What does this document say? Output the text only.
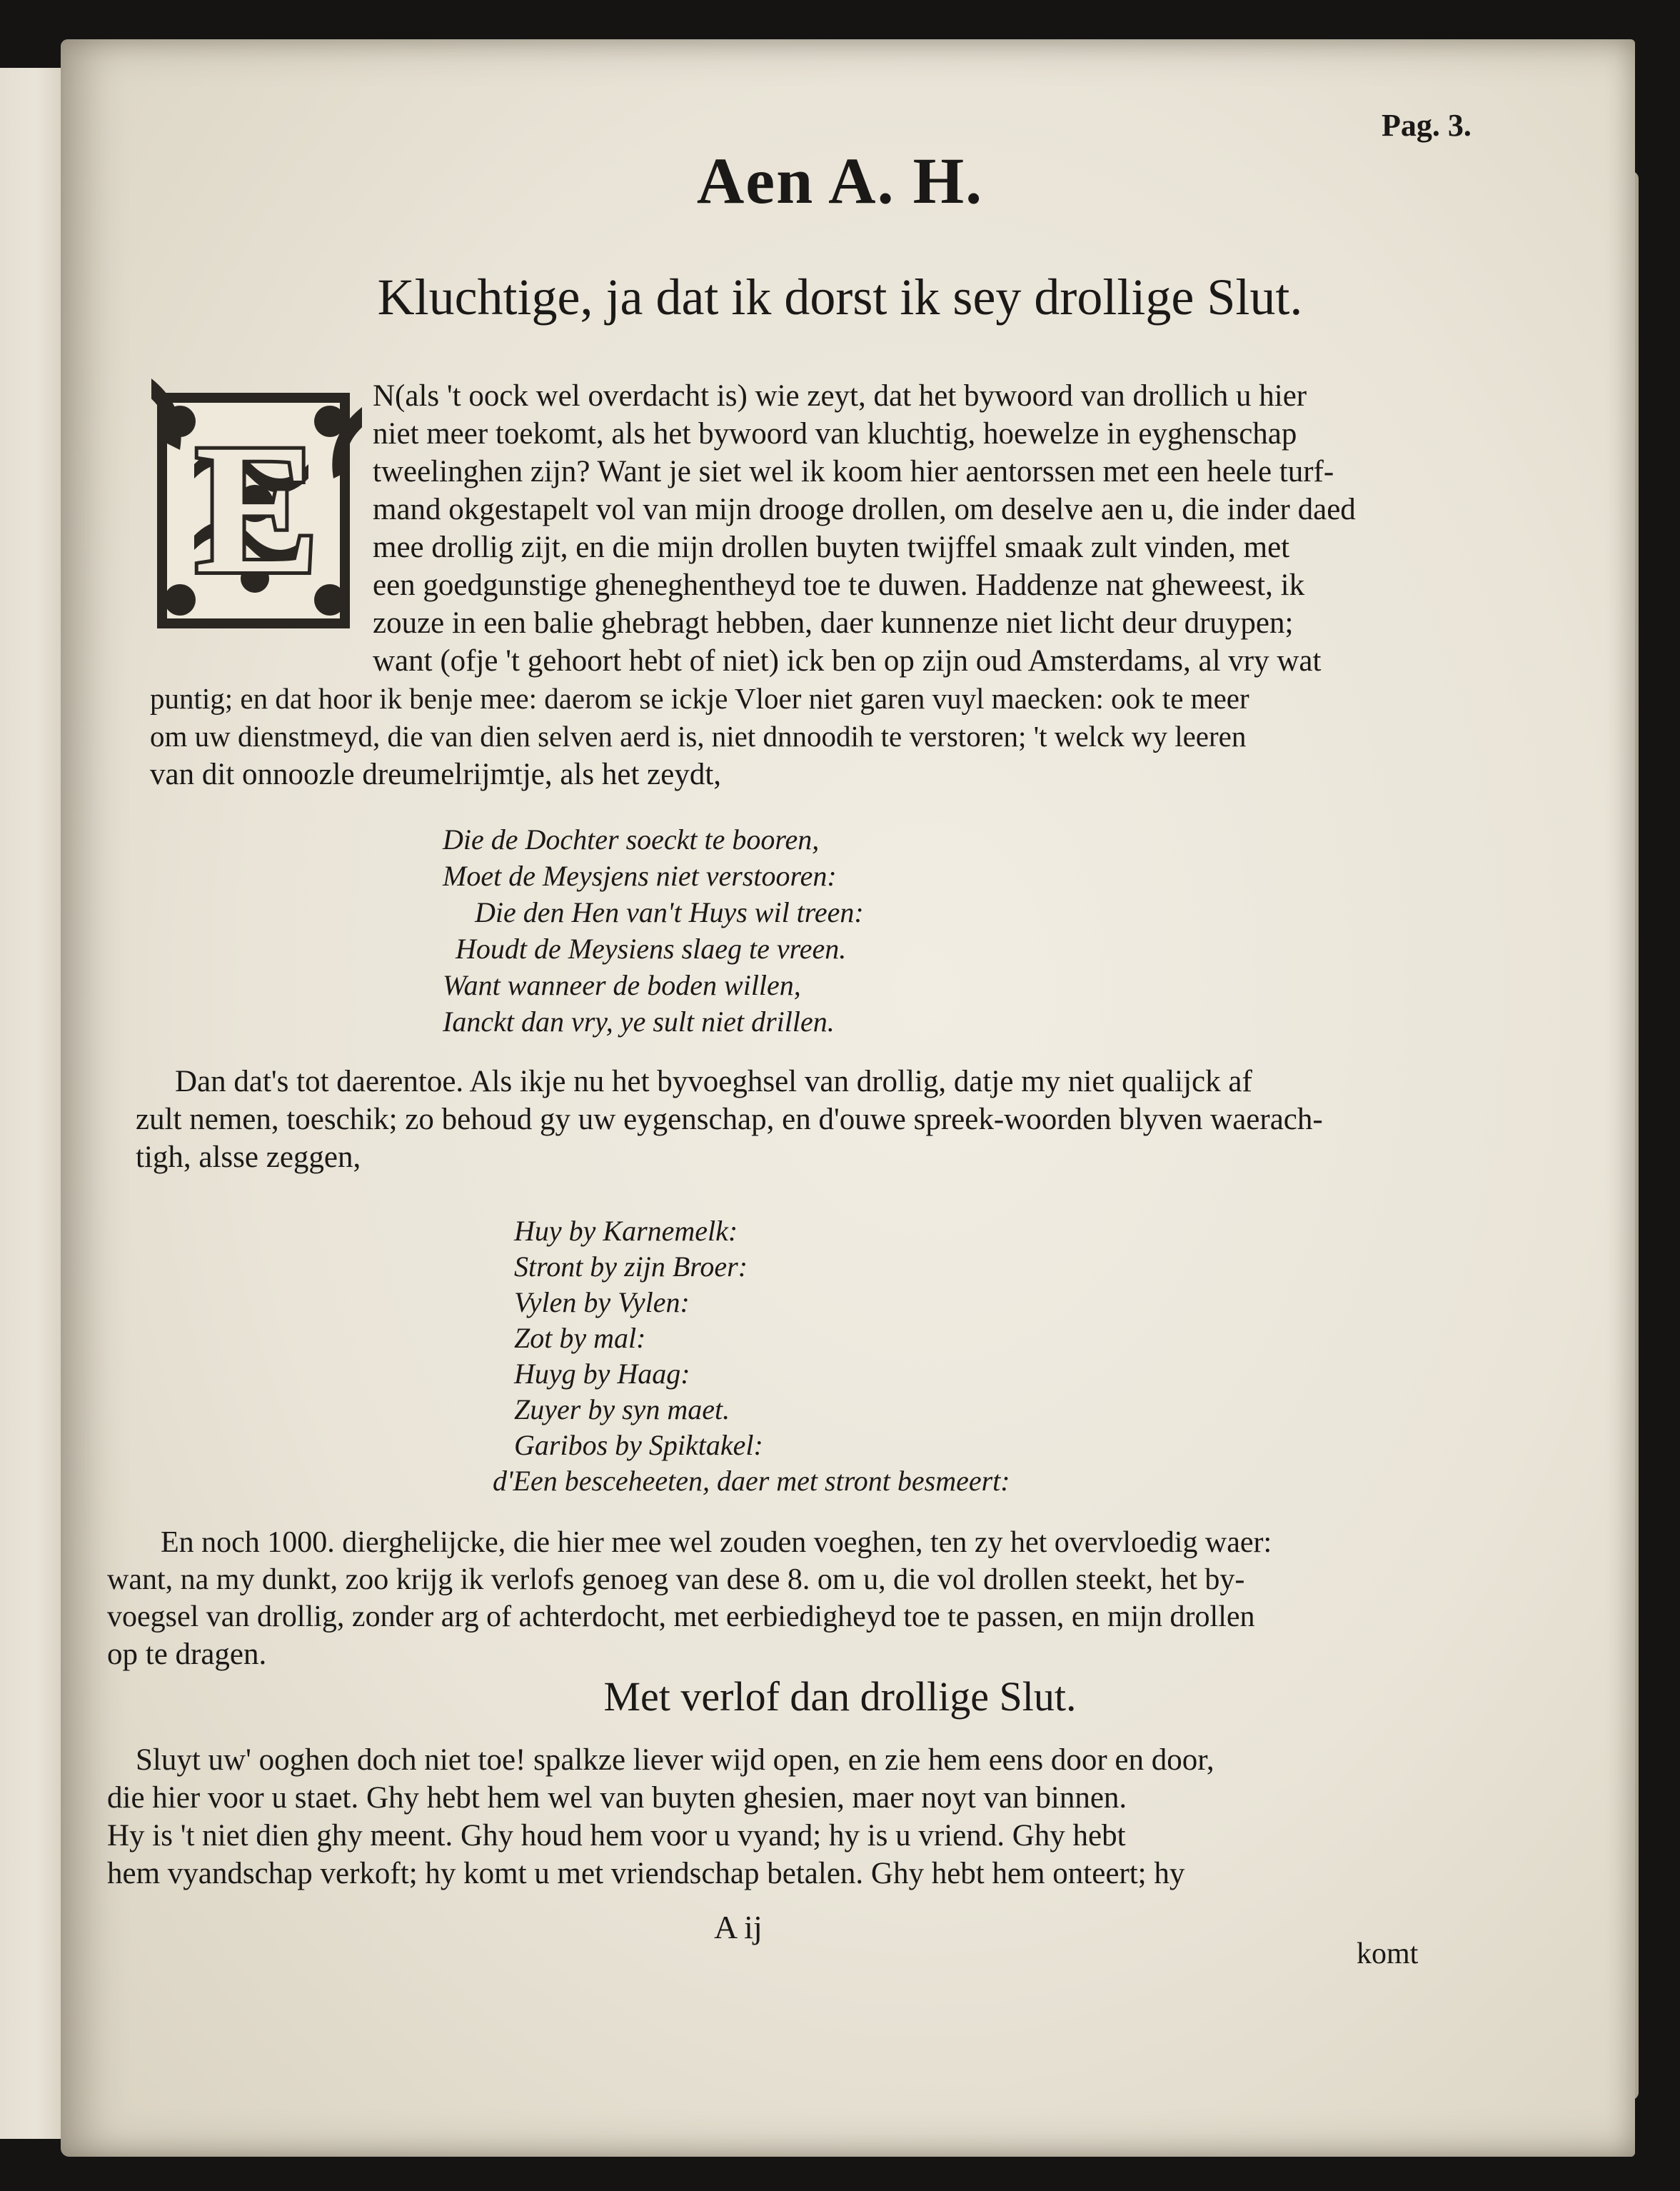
Pag. 3.
Aen A. H.
Kluchtige, ja dat ik dorst ik sey drollige Slut.
E
N(als 't oock wel overdacht is) wie zeyt, dat het bywoord van drollich u hier
niet meer toekomt, als het bywoord van kluchtig, hoewelze in eyghenschap
tweelinghen zijn? Want je siet wel ik koom hier aentorssen met een heele turf-
mand okgestapelt vol van mijn drooge drollen, om deselve aen u, die inder daed
mee drollig zijt, en die mijn drollen buyten twijffel smaak zult vinden, met
een goedgunstige gheneghentheyd toe te duwen. Haddenze nat gheweest, ik
zouze in een balie ghebragt hebben, daer kunnenze niet licht deur druypen;
want (ofje 't gehoort hebt of niet) ick ben op zijn oud Amsterdams, al vry wat
puntig; en dat hoor ik benje mee: daerom se ickje Vloer niet garen vuyl maecken: ook te meer
om uw dienstmeyd, die van dien selven aerd is, niet dnnoodih te verstoren; 't welck wy leeren
van dit onnoozle dreumelrijmtje, als het zeydt,
Die de Dochter soeckt te booren,
Moet de Meysjens niet verstooren:
Die den Hen van't Huys wil treen:
Houdt de Meysiens slaeg te vreen.
Want wanneer de boden willen,
Ianckt dan vry, ye sult niet drillen.
Dan dat's tot daerentoe. Als ikje nu het byvoeghsel van drollig, datje my niet qualijck af
zult nemen, toeschik; zo behoud gy uw eygenschap, en d'ouwe spreek-woorden blyven waerach-
tigh, alsse zeggen,
Huy by Karnemelk:
Stront by zijn Broer:
Vylen by Vylen:
Zot by mal:
Huyg by Haag:
Zuyer by syn maet.
Garibos by Spiktakel:
d'Een besceheeten, daer met stront besmeert:
En noch 1000. dierghelijcke, die hier mee wel zouden voeghen, ten zy het overvloedig waer:
want, na my dunkt, zoo krijg ik verlofs genoeg van dese 8. om u, die vol drollen steekt, het by-
voegsel van drollig, zonder arg of achterdocht, met eerbiedigheyd toe te passen, en mijn drollen
op te dragen.
Met verlof dan drollige Slut.
Sluyt uw' ooghen doch niet toe! spalkze liever wijd open, en zie hem eens door en door,
die hier voor u staet. Ghy hebt hem wel van buyten ghesien, maer noyt van binnen.
Hy is 't niet dien ghy meent. Ghy houd hem voor u vyand; hy is u vriend. Ghy hebt
hem vyandschap verkoft; hy komt u met vriendschap betalen. Ghy hebt hem onteert; hy
A ij
komt
